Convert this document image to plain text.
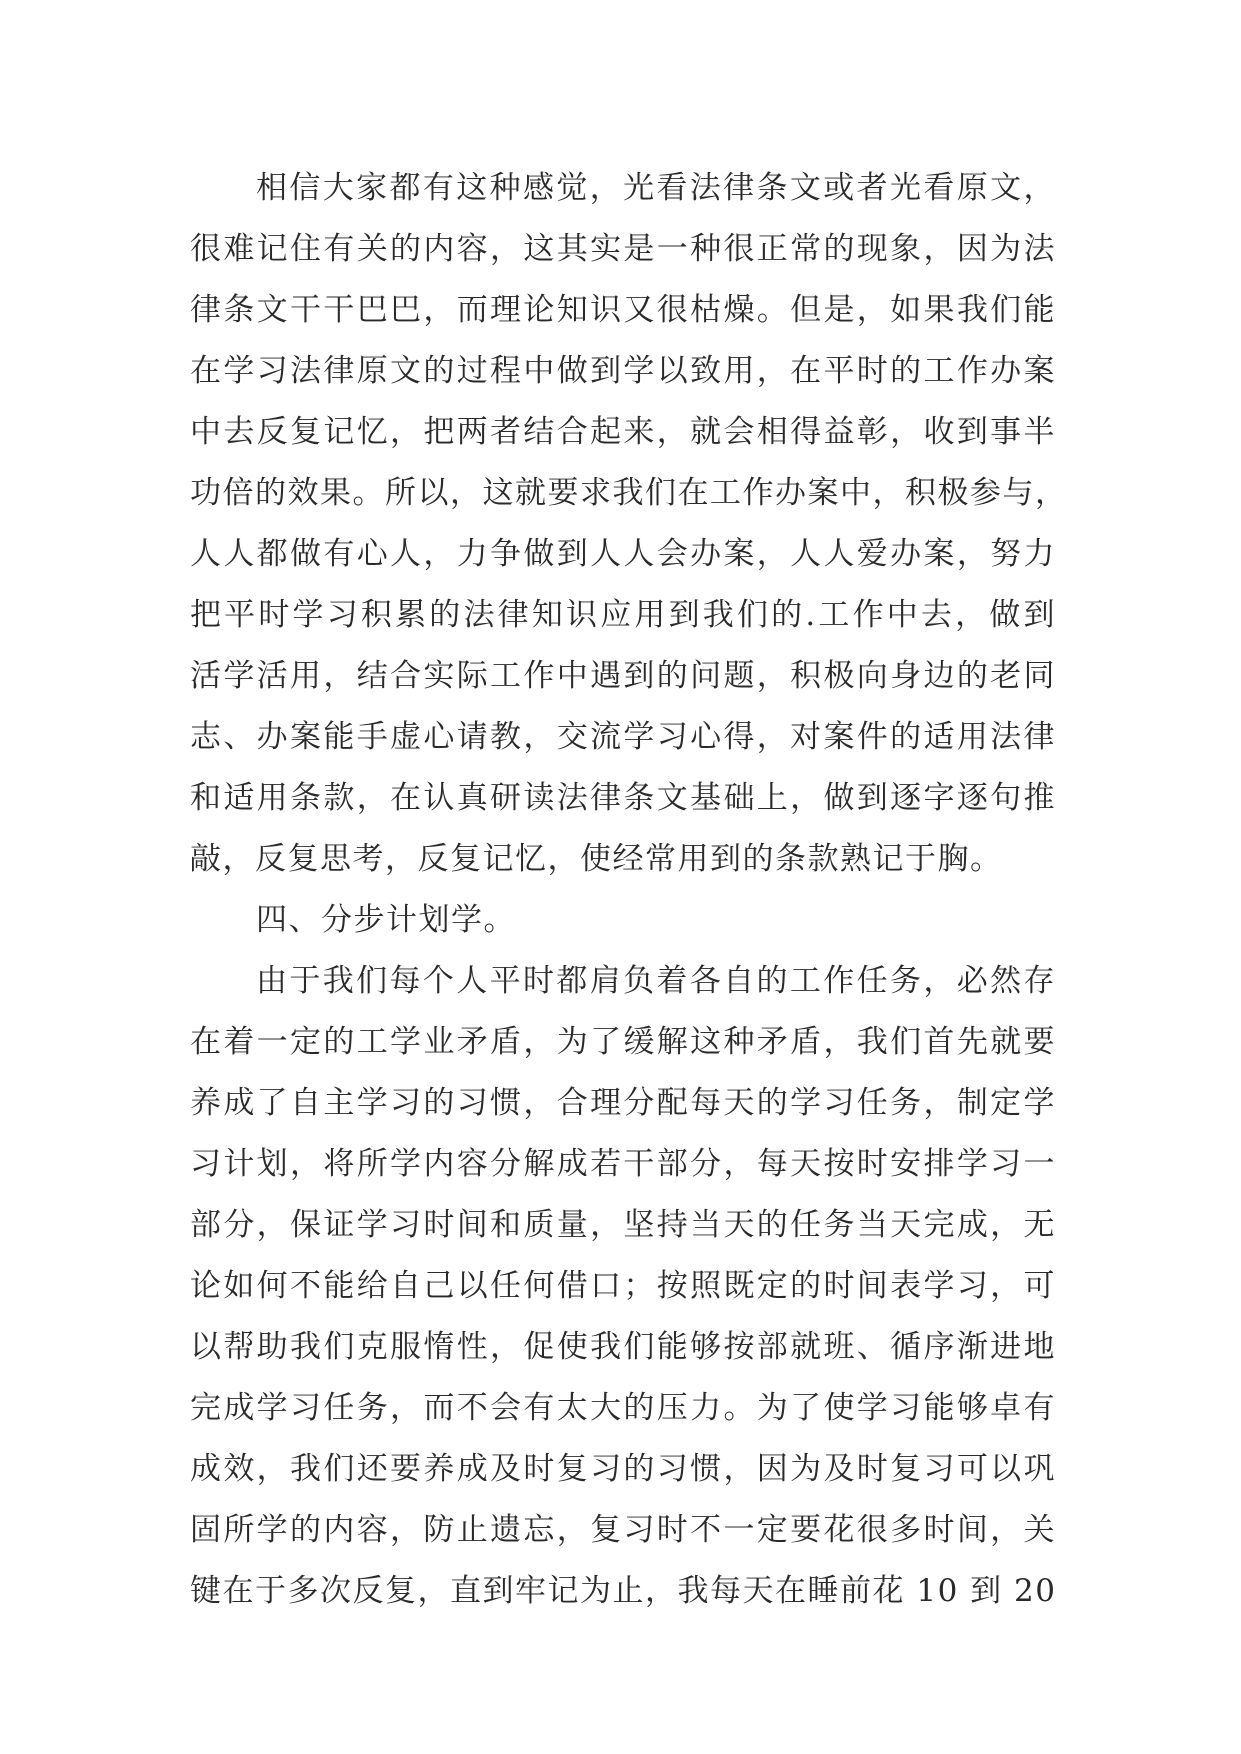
相信大家都有这种感觉，光看法律条文或者光看原文，
很难记住有关的内容，这其实是一种很正常的现象，因为法
律条文干干巴巴，而理论知识又很枯燥。但是，如果我们能
在学习法律原文的过程中做到学以致用，在平时的工作办案
中去反复记忆，把两者结合起来，就会相得益彰，收到事半
功倍的效果。所以，这就要求我们在工作办案中，积极参与，
人人都做有心人，力争做到人人会办案，人人爱办案，努力
把平时学习积累的法律知识应用到我们的.工作中去，做到
活学活用，结合实际工作中遇到的问题，积极向身边的老同
志、办案能手虚心请教，交流学习心得，对案件的适用法律
和适用条款，在认真研读法律条文基础上，做到逐字逐句推
敲，反复思考，反复记忆，使经常用到的条款熟记于胸。
四、分步计划学。
由于我们每个人平时都肩负着各自的工作任务，必然存
在着一定的工学业矛盾，为了缓解这种矛盾，我们首先就要
养成了自主学习的习惯，合理分配每天的学习任务，制定学
习计划，将所学内容分解成若干部分，每天按时安排学习一
部分，保证学习时间和质量，坚持当天的任务当天完成，无
论如何不能给自己以任何借口；按照既定的时间表学习，可
以帮助我们克服惰性，促使我们能够按部就班、循序渐进地
完成学习任务，而不会有太大的压力。为了使学习能够卓有
成效，我们还要养成及时复习的习惯，因为及时复习可以巩
固所学的内容，防止遗忘，复习时不一定要花很多时间，关
键在于多次反复，直到牢记为止，我每天在睡前花 10 到 20
